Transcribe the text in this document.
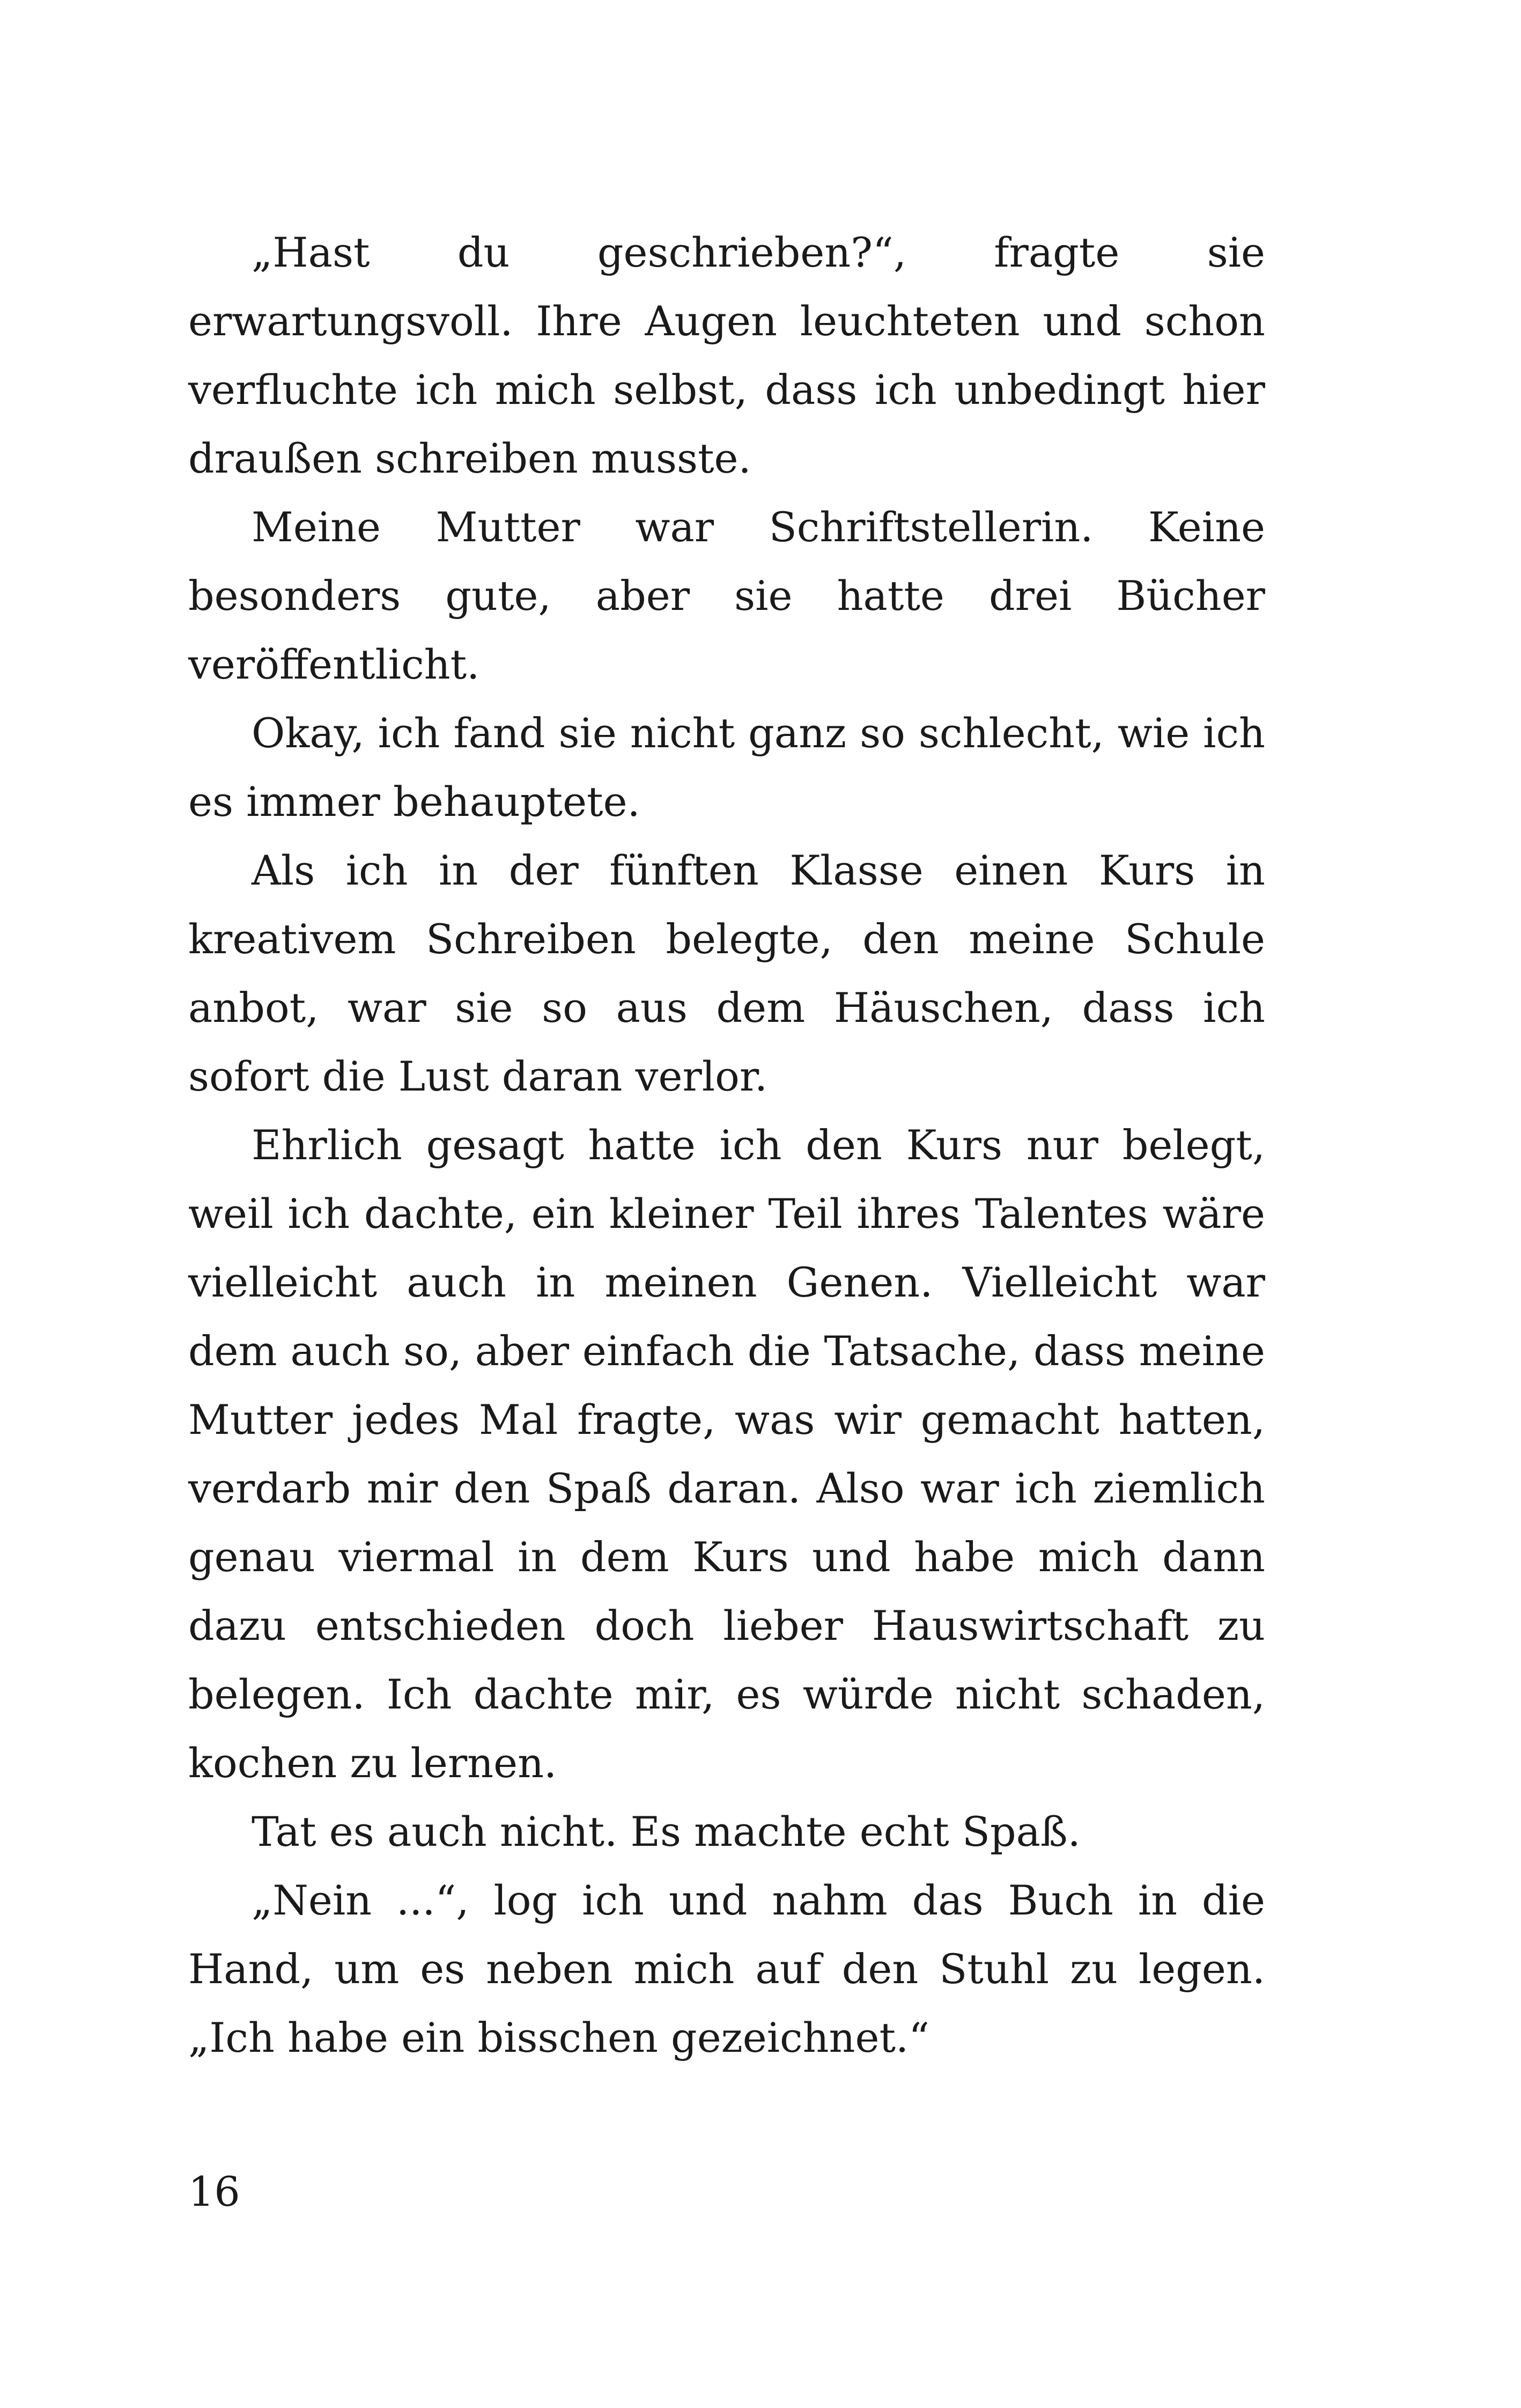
„Hast du geschrieben?“, fragte sie erwartungsvoll. Ihre Augen leuchteten und schon verfluchte ich mich selbst, dass ich unbedingt hier draußen schreiben musste.

Meine Mutter war Schriftstellerin. Keine besonders gute, aber sie hatte drei Bücher veröffentlicht.

Okay, ich fand sie nicht ganz so schlecht, wie ich es immer behauptete.

Als ich in der fünften Klasse einen Kurs in kreativem Schreiben belegte, den meine Schule anbot, war sie so aus dem Häuschen, dass ich sofort die Lust daran verlor.

Ehrlich gesagt hatte ich den Kurs nur belegt, weil ich dachte, ein kleiner Teil ihres Talentes wäre vielleicht auch in meinen Genen. Vielleicht war dem auch so, aber einfach die Tatsache, dass meine Mutter jedes Mal fragte, was wir gemacht hatten, verdarb mir den Spaß daran. Also war ich ziemlich genau viermal in dem Kurs und habe mich dann dazu entschieden doch lieber Hauswirtschaft zu belegen. Ich dachte mir, es würde nicht schaden, kochen zu lernen.

Tat es auch nicht. Es machte echt Spaß.

„Nein ...“, log ich und nahm das Buch in die Hand, um es neben mich auf den Stuhl zu legen. „Ich habe ein bisschen gezeichnet.“

16
